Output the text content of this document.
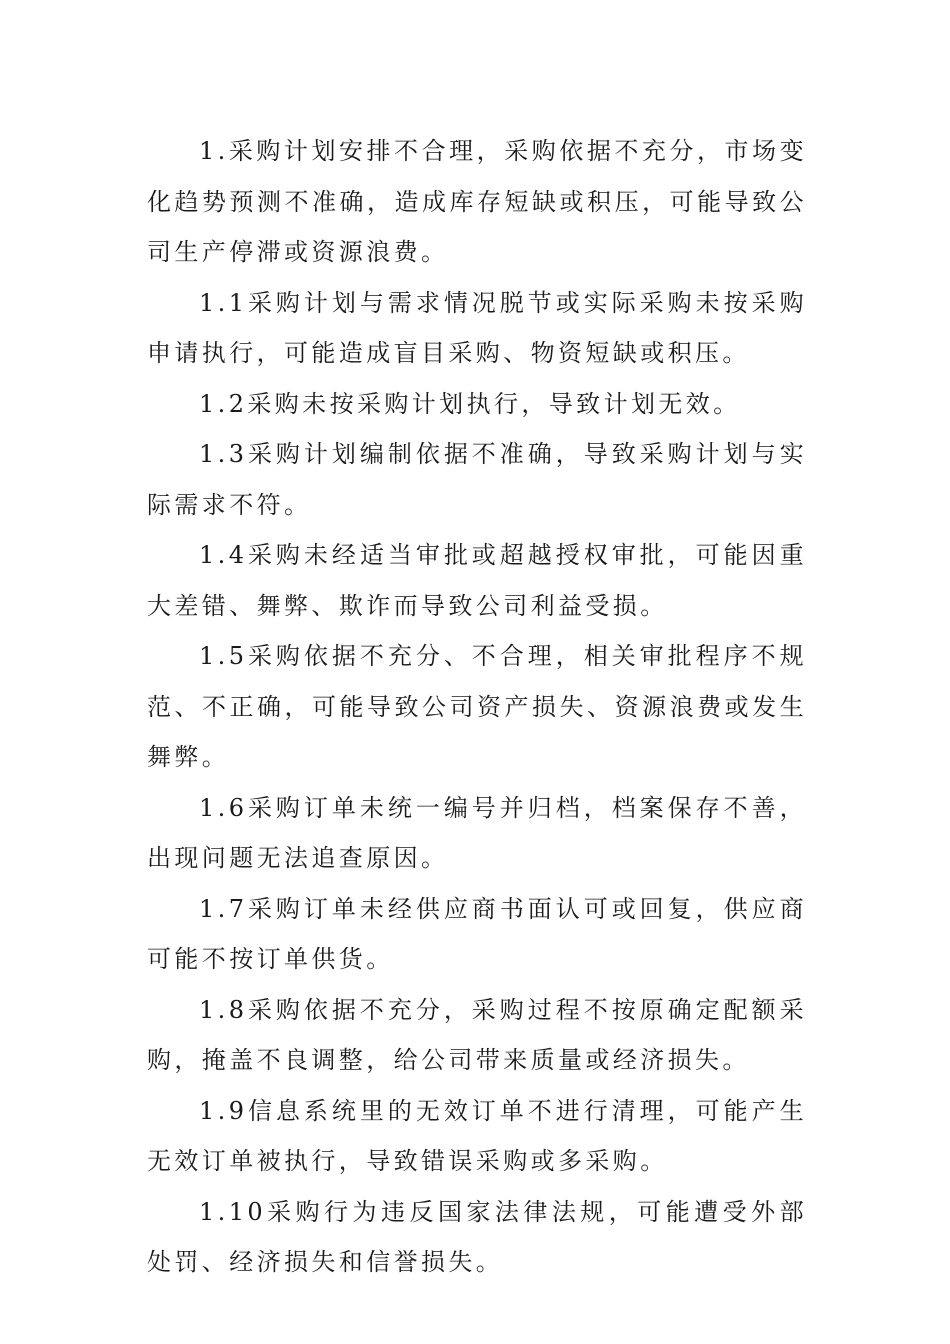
1.采购计划安排不合理，采购依据不充分，市场变化趋势预测不准确，造成库存短缺或积压，可能导致公司生产停滞或资源浪费。

1.1采购计划与需求情况脱节或实际采购未按采购申请执行，可能造成盲目采购、物资短缺或积压。

1.2采购未按采购计划执行，导致计划无效。

1.3采购计划编制依据不准确，导致采购计划与实际需求不符。

1.4采购未经适当审批或超越授权审批，可能因重大差错、舞弊、欺诈而导致公司利益受损。

1.5采购依据不充分、不合理，相关审批程序不规范、不正确，可能导致公司资产损失、资源浪费或发生舞弊。

1.6采购订单未统一编号并归档，档案保存不善，出现问题无法追查原因。

1.7采购订单未经供应商书面认可或回复，供应商可能不按订单供货。

1.8采购依据不充分，采购过程不按原确定配额采购，掩盖不良调整，给公司带来质量或经济损失。

1.9信息系统里的无效订单不进行清理，可能产生无效订单被执行，导致错误采购或多采购。

1.10采购行为违反国家法律法规，可能遭受外部处罚、经济损失和信誉损失。
